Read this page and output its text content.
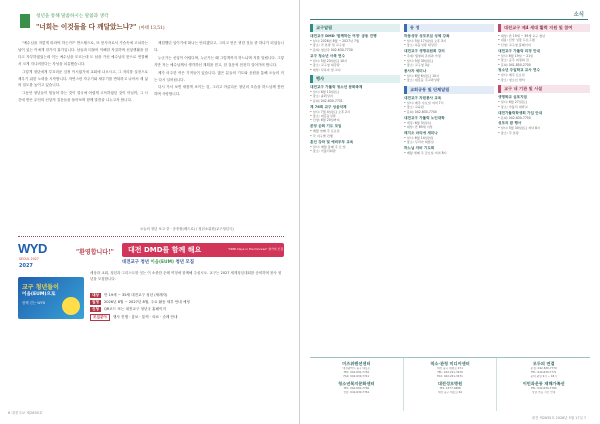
청년을 통해 말씀하시는 말씀과 생각
"너희는 이것들을 다 깨달았느냐?" (마태 13,51)

"예수님을 저렇게 따라야 하는가?" 반스텔으로, 또 봉사자로서 가슴속에 고뇌하는 날이 있는 이에게 한가지 휴가입니다. 남들과 더불어 이해한 자질하며 신앙생활을 한다고 자부하였었는데 이는 예수님을 모르는데 도 남을 가신 예수님의 뜻으로 연결해서 크게 지니려한다는 자성을 치유했습니다.

그렇게 청년에게 부끄러운 심정 이시였기에 교회에 나오시고, 그 자리를 실천으로 채우기 위한 노력을 시작합니다. 자연스런 자주기와 새우기를 반복하고 나아서 제 삶의 밀도를 높이고 있습니다.

그동안 청년들이 힘들어 하는 것이 결국에 어렵게 고독하였던 것이 아닐까, 그 시간에 받은 무언의 신앙적 질문들을 돌아보며 함께 말씀을 나누고자 합니다.

체험했던 일이기에 떠나는 안되겠다고, 그러고 얻은 귀한 것들 중 하나가 되었습니다.

누군가는 신앙이 어렵다며, 누군가는 왜 그렇게까지 하느냐며 저를 말립니다. 그렇지만 저는 예수님께서 생각하신 계획을 믿고, 한 걸음씩 천천히 걸어가려 합니다.

제가 마주한 작은 기적들이 있습니다. 많은 분들의 기도와 응원을 통해 오늘의 저는 다시 일어섭니다.

다시 가서 보면 새롭게 보이는 것, 그리고 아름다운 청년의 모습을 하느님께 봉헌하며 사랑합니다.

오늘의 청년 보고 중 · 송종원(베드로) / 청년소위원(교구청년국)
WYD
SEOUL 2027
2027
"환영합니다!" 대전 DMD를 함께 해요	"DMD Days in the Diocese" 참가자 모집
대전교구 청년 이음(EUM) 청년 모집
교구 청년들이
이음(EUM)으로
함께 걷는 WYD
세상과 교회, 청년과 그리스도를 잇는 이 소중한 순례 여정에 함께해 주십시오. 교구는 2027 세계청년대회를 준비하며 봉사 청년을 모집합니다.
대상 만 19세 ~ 35세 대전교구 청년 (세례자)
일정 2026년 8월 ~ 2027년 8월, 주요 활동 세부 안내 예정
신청 QR코드 또는 대전교구 청년국 홈페이지
모집분야 행사 진행 · 홍보 · 통역 · 의료 · 순례 안내
6 대전주보 제2635호
소식
교구알림
대전교구 DMD '함께하는 여정' 공동 진행
• 일시: 2026년 8월 ~ 2027년 7월
• 장소: 각 본당 및 교구청
• 문의: 청년국 042-630-7730
교구 청소년 사목 연수
• 일시: 5월 23일(토) 10시
• 장소: 교구청 대강당
• 대상: 사목자 및 교사
행사
대전교구 가톨릭 청소년 문화축제
• 일시: 6월 13일(토)
• 장소: 솔뫼성지
• 문의: 042-630-7731
제 76회 교구 성음악제
• 일시: 7월 4일(토) 오후 2시
• 장소: 대흥동성당
• 신청: 6월 20일까지
본당 순회 기도 모임
• 매월 첫째 주 토요일
• 각 지구별 진행
혼인 강좌 및 예비부부 교육
• 일시: 매월 둘째 주 토·일
• 장소: 가톨릭회관
동 정
하동성당 성모모임 성체 강복
• 일시: 5월 17일(일) 오후 3시
• 장소: 하동성당 대성전
대전교구 생명위원회 강의
• 주제: 생명의 존엄과 가정
• 일시: 5월 30일(토)
• 장소: 교구청 3층
봉사자 세미나
• 일시: 6월 6일(토) 10시
• 장소: 대흥동 주교좌성당
교회공동 및 단체알림
대전교구 자원봉사 교육
• 일시: 매주 수요일 저녁 7시
• 장소: 교육원
• 문의: 042-630-7740
대전교구 가톨릭 노인대학
• 개강: 6월 3일(수)
• 대상: 만 65세 이상
레지오 마리애 세미나
• 일시: 6월 14일(일)
• 장소: 꾸리아 회합실
하느님 자비 기도회
• 매월 셋째 주 금요일 저녁 8시
대전교구 제4 세대 활력 지원 및 참여
• 대상: 만 19세 ~ 39세 교구 청년
• 내용: 신앙 성장 프로그램
• 신청: 교구청 홈페이지
대전교구 가톨릭 피정 안내
• 일시: 6월 19일 ~ 21일
• 장소: 공주 피정의 집
• 문의: 041-850-2700
청소년 주일학교 교사 연수
• 일시: 매주 토요일
• 장소: 청소년 센터
교구 내 기관 및 시설
생명학교 심포지엄
• 일시: 6월 27일(토)
• 장소: 가톨릭 대학교
대전가톨릭학생회 가입 안내
• 문의: 042-630-7750
성모의 밤 행사
• 일시: 5월 30일(토) 저녁 8시
• 장소: 각 본당
미즈위렌션센터
대전광역시 중구 대흥로
TEL: 042-630-7740
FAX: 042-630-7741
청소년복지문화센터
TEL: 042-630-7760
상담: 042-630-7761
적소·관청 미디어센터
대전 중구 대종로 471
TEL: 042-221-3470
FAX: 042-221-3471
대전성모병원
TEL: 1577-0888
대전 중구 대흥로 64
모두의 연결
분점: 042-630-7770
TEL: 042-630-7771
문의 평일 9시 ~ 18시
이민과운동 재해가족선
TEL: 042-630-7780
상담 가능 시간 안내
대전 제2635호 2026년 5월 17일 7
